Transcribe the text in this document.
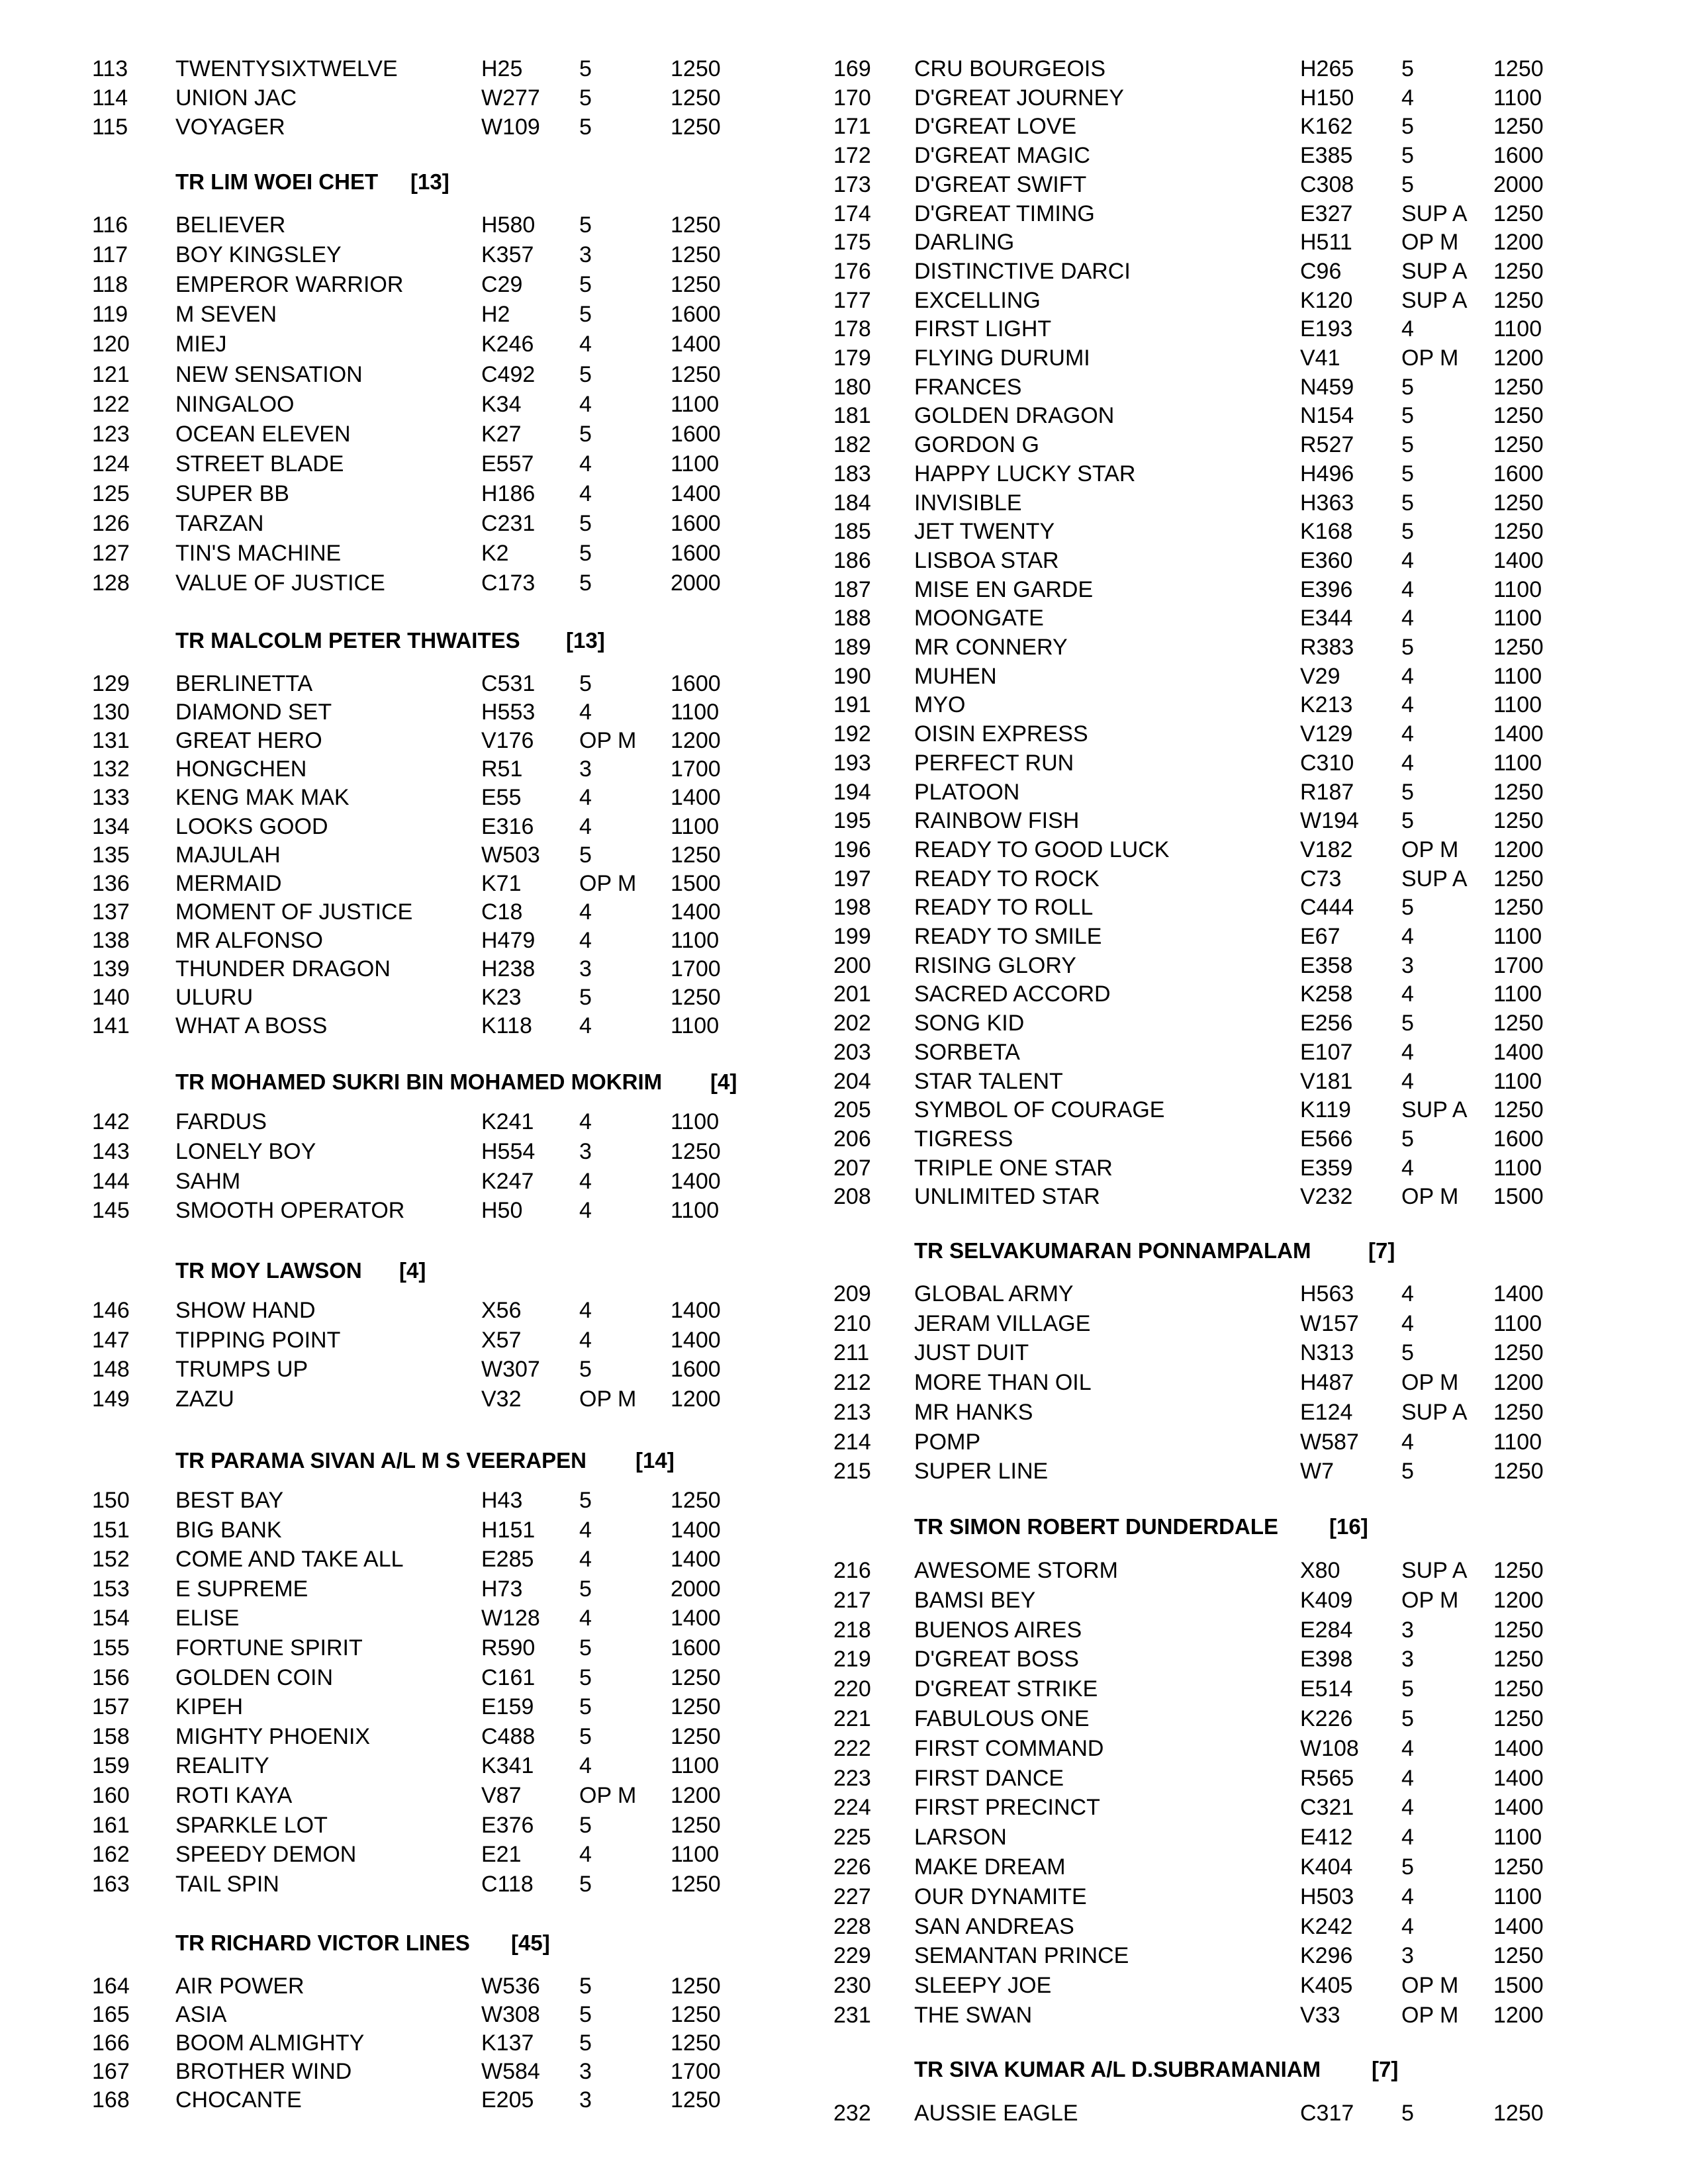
113 TWENTYSIXTWELVE	H25	5	1250
114 UNION JAC	W277 5	1250
115 VOYAGER	W109 5	1250
TR LIM WOEI CHET [13]
116 BELIEVER	H580 5	1250
117 BOY KINGSLEY	K357 3	1250
118 EMPEROR WARRIOR	C29	5	1250
119 M SEVEN	H2	5	1600
120 MIEJ	K246 4	1400
121 NEW SENSATION	C492 5	1250
122 NINGALOO	K34	4	1100
123 OCEAN ELEVEN	K27	5	1600
124 STREET BLADE	E557 4	1100
125 SUPER BB	H186 4	1400
126 TARZAN	C231 5	1600
127 TIN'S MACHINE	K2	5	1600
128 VALUE OF JUSTICE	C173 5	2000
TR MALCOLM PETER THWAITES [13]
129 BERLINETTA	C531 5	1600
130 DIAMOND SET	H553 4	1100
131 GREAT HERO	V176 OP M 1200
132 HONGCHEN	R51	3	1700
133 KENG MAK MAK	E55	4	1400
134 LOOKS GOOD	E316 4	1100
135 MAJULAH	W503 5	1250
136 MERMAID	K71	OP M 1500
137 MOMENT OF JUSTICE	C18	4	1400
138 MR ALFONSO	H479 4	1100
139 THUNDER DRAGON	H238 3	1700
140 ULURU	K23	5	1250
141 WHAT A BOSS	K118 4	1100
TR MOHAMED SUKRI BIN MOHAMED MOKRIM [4]
142 FARDUS	K241 4	1100
143 LONELY BOY	H554 3	1250
144 SAHM	K247 4	1400
145 SMOOTH OPERATOR	H50	4	1100
TR MOY LAWSON [4]
146 SHOW HAND	X56	4	1400
147 TIPPING POINT	X57	4	1400
148 TRUMPS UP	W307 5	1600
149 ZAZU	V32	OP M 1200
TR PARAMA SIVAN A/L M S VEERAPEN [14]
150 BEST BAY	H43	5	1250
151 BIG BANK	H151 4	1400
152 COME AND TAKE ALL	E285 4	1400
153 E SUPREME	H73	5	2000
154 ELISE	W128 4	1400
155 FORTUNE SPIRIT	R590 5	1600
156 GOLDEN COIN	C161 5	1250
157 KIPEH	E159 5	1250
158 MIGHTY PHOENIX	C488 5	1250
159 REALITY	K341 4	1100
160 ROTI KAYA	V87	OP M 1200
161 SPARKLE LOT	E376 5	1250
162 SPEEDY DEMON	E21	4	1100
163 TAIL SPIN	C118 5	1250
TR RICHARD VICTOR LINES [45]
164 AIR POWER	W536 5	1250
165 ASIA	W308 5	1250
166 BOOM ALMIGHTY	K137 5	1250
167 BROTHER WIND	W584 3	1700
168 CHOCANTE	E205 3	1250
169 CRU BOURGEOIS	H265 5	1250
170 D'GREAT JOURNEY	H150 4	1100
171 D'GREAT LOVE	K162 5	1250
172 D'GREAT MAGIC	E385 5	1600
173 D'GREAT SWIFT	C308 5	2000
174 D'GREAT TIMING	E327 SUP A 1250
175 DARLING	H511 OP M 1200
176 DISTINCTIVE DARCI	C96	SUP A 1250
177 EXCELLING	K120 SUP A 1250
178 FIRST LIGHT	E193 4	1100
179 FLYING DURUMI	V41	OP M 1200
180 FRANCES	N459 5	1250
181 GOLDEN DRAGON	N154 5	1250
182 GORDON G	R527 5	1250
183 HAPPY LUCKY STAR	H496 5	1600
184 INVISIBLE	H363 5	1250
185 JET TWENTY	K168 5	1250
186 LISBOA STAR	E360 4	1400
187 MISE EN GARDE	E396 4	1100
188 MOONGATE	E344 4	1100
189 MR CONNERY	R383 5	1250
190 MUHEN	V29	4	1100
191 MYO	K213 4	1100
192 OISIN EXPRESS	V129 4	1400
193 PERFECT RUN	C310 4	1100
194 PLATOON	R187 5	1250
195 RAINBOW FISH	W194 5	1250
196 READY TO GOOD LUCK	V182 OP M 1200
197 READY TO ROCK	C73	SUP A 1250
198 READY TO ROLL	C444 5	1250
199 READY TO SMILE	E67	4	1100
200 RISING GLORY	E358 3	1700
201 SACRED ACCORD	K258 4	1100
202 SONG KID	E256 5	1250
203 SORBETA	E107 4	1400
204 STAR TALENT	V181 4	1100
205 SYMBOL OF COURAGE	K119 SUP A 1250
206 TIGRESS	E566 5	1600
207 TRIPLE ONE STAR	E359 4	1100
208 UNLIMITED STAR	V232 OP M 1500
TR SELVAKUMARAN PONNAMPALAM	[7]
209 GLOBAL ARMY	H563 4	1400
210 JERAM VILLAGE	W157 4	1100
211 JUST DUIT	N313 5	1250
212 MORE THAN OIL	H487 OP M 1200
213 MR HANKS	E124 SUP A 1250
214 POMP	W587 4	1100
215 SUPER LINE	W7	5	1250
TR SIMON ROBERT DUNDERDALE [16]
216 AWESOME STORM	X80	SUP A 1250
217 BAMSI BEY	K409 OP M 1200
218 BUENOS AIRES	E284 3	1250
219 D'GREAT BOSS	E398 3	1250
220 D'GREAT STRIKE	E514 5	1250
221 FABULOUS ONE	K226 5	1250
222 FIRST COMMAND	W108 4	1400
223 FIRST DANCE	R565 4	1400
224 FIRST PRECINCT	C321 4	1400
225 LARSON	E412 4	1100
226 MAKE DREAM	K404 5	1250
227 OUR DYNAMITE	H503 4	1100
228 SAN ANDREAS	K242 4	1400
229 SEMANTAN PRINCE	K296 3	1250
230 SLEEPY JOE	K405 OP M 1500
231 THE SWAN	V33	OP M 1200
TR SIVA KUMAR A/L D.SUBRAMANIAM [7]
232 AUSSIE EAGLE	C317 5	1250
